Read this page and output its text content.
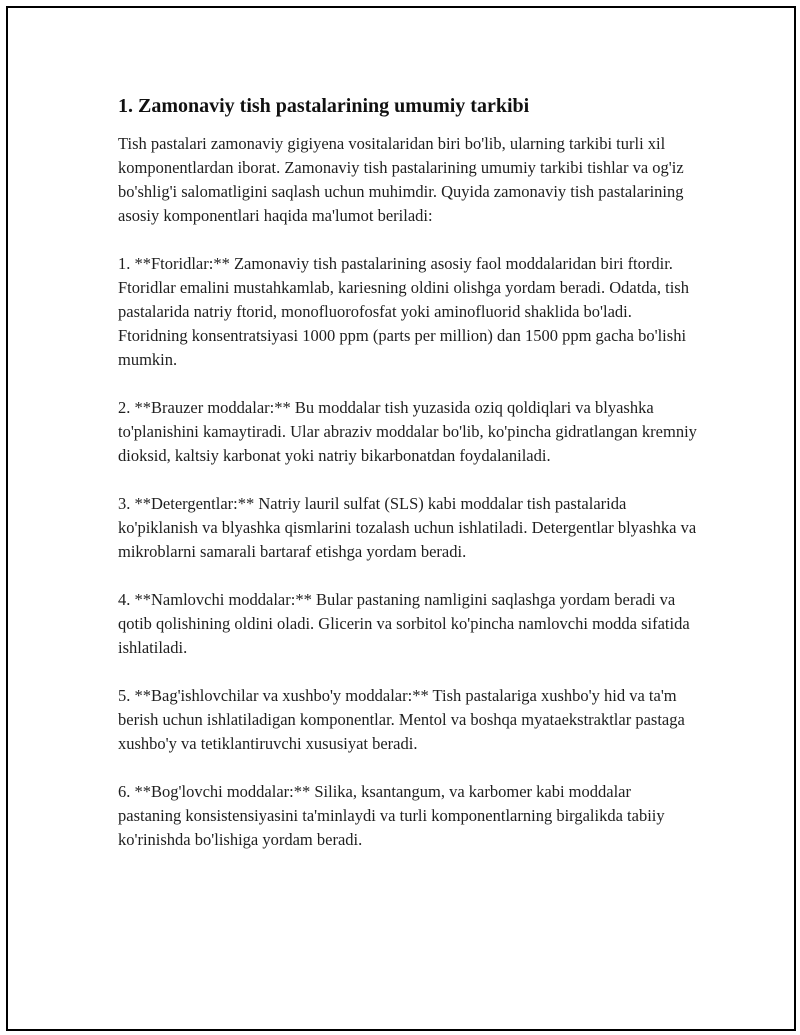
1. Zamonaviy tish pastalarining umumiy tarkibi

Tish pastalari zamonaviy gigiyena vositalaridan biri bo'lib, ularning tarkibi turli xil komponentlardan iborat. Zamonaviy tish pastalarining umumiy tarkibi tishlar va og'iz bo'shlig'i salomatligini saqlash uchun muhimdir. Quyida zamonaviy tish pastalarining asosiy komponentlari haqida ma'lumot beriladi:

1. **Ftoridlar:** Zamonaviy tish pastalarining asosiy faol moddalaridan biri ftordir. Ftoridlar emalini mustahkamlab, kariesning oldini olishga yordam beradi. Odatda, tish pastalarida natriy ftorid, monofluorofosfat yoki aminofluorid shaklida bo'ladi. Ftoridning konsentratsiyasi 1000 ppm (parts per million) dan 1500 ppm gacha bo'lishi mumkin.

2. **Brauzer moddalar:** Bu moddalar tish yuzasida oziq qoldiqlari va blyashka to'planishini kamaytiradi. Ular abraziv moddalar bo'lib, ko'pincha gidratlangan kremniy dioksid, kaltsiy karbonat yoki natriy bikarbonatdan foydalaniladi.

3. **Detergentlar:** Natriy lauril sulfat (SLS) kabi moddalar tish pastalarida ko'piklanish va blyashka qismlarini tozalash uchun ishlatiladi. Detergentlar blyashka va mikroblarni samarali bartaraf etishga yordam beradi.

4. **Namlovchi moddalar:** Bular pastaning namligini saqlashga yordam beradi va qotib qolishining oldini oladi. Glicerin va sorbitol ko'pincha namlovchi modda sifatida ishlatiladi.

5. **Bag'ishlovchilar va xushbo'y moddalar:** Tish pastalariga xushbo'y hid va ta'm berish uchun ishlatiladigan komponentlar. Mentol va boshqa myataekstraktlar pastaga xushbo'y va tetiklantiruvchi xususiyat beradi.

6. **Bog'lovchi moddalar:** Silika, ksantangum, va karbomer kabi moddalar pastaning konsistensiyasini ta'minlaydi va turli komponentlarning birgalikda tabiiy ko'rinishda bo'lishiga yordam beradi.
